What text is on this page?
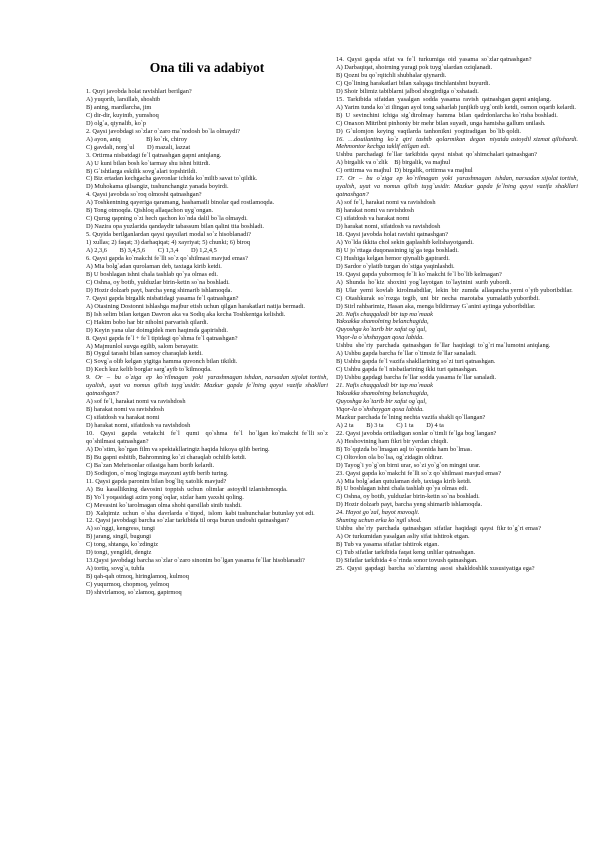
Ona tili va adabiyot
1. Quyi javobda holat ravishlari berilgan?
A) yuqorib, larsillab, shoshib
B) aning, mardlarcha, jim
C) dir-dir, kuyinib, yumshoq
D) olg`a, qiynalib, ko`p
2. Qaysi javobdagi so`zlar o`zaro ma`nodosh bo`la olmaydi?
A) ayon, aniq                B) ko`rk, chiroy
C) gavdali, norg`ul        D) mazali, lazzat
3. Ortirma nisbatdagi fe`l qatnashgan gapni aniqlang.
A) U kuni bilan bosh ko`tarmay shu ishni bitirdi.
B) G`ishtlarga eskilik sovg`alari topshirildi.
C) Biz ertadan kechgacha gavronlar ichida ko`milib savat to`qildik.
D) Muhokama qilsangiz, tushunchangiz yanada boyirdi.
4. Qaysi javobda so`roq olmoshi qatnashgan?
A) Toshkentning qayeriga qaramang, hashamatli binolar qad rostlamoqda.
B) Tong otmoqda. Qishloq allaqachon uyg`ongan.
C) Qurug qapning o`zi hech qachon ko`nda dalil bo`la olmaydi.
D) Nazira opa yuzlarida qandaydir tabassum bilan qalini tita boshladi.
5. Quyida berilganlardan qaysi qaysilari modal so`z hisoblanadi?
1) xullas; 2) faqat; 3) darhaqiqat; 4) xayriyat; 5) chunki; 6) biroq
A) 2,3,6        B) 3,4,5,6        C) 1,3,4        D) 1,2,4,5
6. Qaysi gapda ko`makchi fe`lli so`z qo`shilmasi mavjud emas?
A) Mia bolg`adan qurolaman deb, taxtaga kirib ketdi.
B) U boshlagan ishni chala tashlab qo`ya olmas edi.
C) Oshna, oy botib, yulduzlar birin-ketin so`na boshladi.
D) Hozir dolzarb payt, barcha yeng shimarib ishlamoqda.
7. Qaysi gapda birgalik nisbatidagi yasama fe`l qatnashgan?
A) Otasining Dostonni ishlashga majbur etish uchun qilgan harakatlari natija bermadi.
B) Ish selim bilan ketgan Davron aka va Sodiq aka kecha Toshkentga kelishdi.
C) Hakim bobo har bir niholni parvarish qilardi.
D) Keyin yana ular doimgidek men haqimda gapirishdi.
8. Qaysi gapda fe`l + fe`l tipidagi qo`shma fe`l qatnashgan?
A) Majmunlol suvga egilib, salom berayatir.
B) Oygul tarashi bilan samoy charaqlab ketdi.
C) Sovg`a olib kelgan yigitga hamma quvonch bilan tikildi.
D) Kech kuz kelib borglar sarg`ayib to`kilmoqda.
9.  Or  –  bu  o`ziga  ep  ko`rilmagan  yoki  yarashmagan ishdan, narsadan xijolat tortish, uyalish, uyat va nomus qilish tuyg`usidir. Mazkur gapda fe`lning qaysi vazifa shakllari qatnashgan?
A) sof fe`l, harakat nomi va ravishdosh
B) harakat nomi va ravishdosh
C) sifatdosh va harakat nomi
D) harakat nomi, sifatdosh va ravishdosh
10.  Qaysi  gapda  vetakchi  fe`l  qumi  qo`shma  fe`l  ho`lgan ko`makchi fe`lli so`z qo`shilmasi qatnashgan?
A) Do`stim, ko`rgan film va spektakllaringiz haqida hikoya qilib bering.
B) Bu gapni eshitib, Bahromning ko`zi charaqlab ochilib ketdi.
C) Ba`zan Mehrisonlar oilasiga ham borib kelardi.
D) Sodiqjon, o`mog`ingizga mayzuni aytib berib turing.
11. Qaysi gapda paronim bilan bog`liq xatolik mavjud?
A)  Bu  kasallikning  davosini  toppish  uchun  olimlar  astoydil izlanishmoqda.
B) Yo`l yoqasidagi azim yong`oqlar, sizlar ham yaxshi qoling.
C) Mevasini ko`tarolmagan olma shohi qarsillab sinib tushdi.
D)  Xalqimiz  uchun  o`sha  davrlarda  e`tiqod,  islom  kabi tushunchalar butunlay yot edi.
12. Qaysi javobdagi barcha so`zlar tarkibida til orqa burun undoshi qatnashgan?
A) so`nggi, kengress, tungi
B) jarang, singil, bugungi
C) tong, shtanga, ko`zdingiz
D) tongi, yengildi, dengiz
13.Qaysi javobdagi barcha so`zlar o`zaro sinonim bo`lgan yasama fe`llar hisoblanadi?
A) tortiq, sovg`a, tuhfa
B) qah-qah otmoq, hiringlamoq, kulmoq
C) yuqurmoq, chopmoq, yelmoq
D) shivirlamoq, so`zlamoq, gapirmoq
14.  Qaysi  gapda  sifat  va  fe`l  turkumiga  oid  yasama  so`zlar qatnashgan?
A) Darbaqiqat, shoirning yuragi pok tuyg`ulardan oziqlanadi.
B) Qozni bu qo`rqitchli shubhalar qiynardi.
C) Qo`lining harakatlari bilan xalqaga tinchlanishni buyurdi.
D) Shoir bilimiz tabiblarni jalbod shogirdiga o`xshatadi.
15.  Tarkibida  sifatdan  yasalgan  sodda  yasama  ravish  qatnashgan gapni aniqlang.
A) Yarim tunda ko`zi ilingan ayol tong saharlab junjikib uyg`onib ketdi, osmon oqarib kelardi.
B)  U  sevinchini  ichiga  sig`dirolmay  hamma  bilan  qadrdonlarcha ko`risha boshladi.
C) Onaxon Mitribni pinhoniy bir mehr bilan suyadi, unga hamisha gallum unilash.
D)  G`ulomjon  keying  vaqtlarda  tanhonikni  yoqtiradigan  bo`lib qoldi.
16.  …douilanting  ko`z  qiri  tashib  qolarmikan  degan  niyatda astoydil xizmat qilishardi. Mehmontor kechga taklif etilgan edi.
Ushbu  parchadagi  fe`llar  tarkibida  qaysi  nisbat  qo`shimchalari qatnashgan?
A) birgalik va o`zlik    B) birgalik, va majhul
C) orttirma va majhul  D) birgalik, orttirma va majhul
17.  Or  –  bu  o`ziga  ep  ko`rilmagan  yoki  yarashmagan  ishdan, narsadan xijolat tortish, uyalish, uyat va nomus qilish tuyg`usidir. Mazkur gapda fe`lning qaysi vazifa shakllari qatnashgan?
A) sof fe`l, harakat nomi va ravishdosh
B) harakat nomi va ravishdosh
C) sifatdosh va harakat nomi
D) harakat nomi, sifatdosh va ravishdosh
18. Qaysi javobda holat ravishi qatnashgan?
A) Yo`lda ikkita chol sekin gaplashib kelishayotgandi.
B) U jo`rttaga duqonasining ig`ga tega boshladi.
C) Hushiga kelgan hemor qiynalib gapirardi.
D) Sardor o`ylatib turgan do`stiga yaqinlashdi.
19. Qaysi gapda yubormoq fe`li ko`makchi fe`l bo`lib kelmagan?
A)  Shunda  ho`kiz  shoxini  yog`layotgan  to`layinini  surib yubordi.
B)  Ular  yerni  kovlab  kirolmabdilar,  lekin  bir  zumda  allaqancha yerni o`yib yuboribdilar.
C)  Otashkurak  so`rozga  tegib,  uni  bir  necha  marotaba  yumalatib yuboribdi.
D) Siirl rahbarimiz, Hasan aka, menga bildirmay G`anini ayiinga yuboribdilar.
20. Nafis chaqqaladi bir tup ma`maak
Yakxakka shamolning belanchagida,
Quyoshga ko`tarib bir xafut og`qul,
Viqor-la o`shshaygan qoxa labida.
Ushbu  she`riy  parchada  qatnashgan  fe`llar  haqidagi  to`g`ri ma`lumotni aniqlang.
A) Ushbu gapda barcha fe`llar o`timsiz fe`llar sanaladi.
B) Ushbu gapda fe`l vazifa shakllarining so`zi turi qatnashgan.
C) Ushbu gapda fe`l nisbatlarining ikki turi qatnashgan.
D) Ushbu gapdagi barcha fe`llar sodda yasama fe`llar sanaladi.
21. Nafis chaqqaladi bir tup ma`maak
Yakxakka shamolning belanchagida,
Quyoshga ko`tarib bir xafut og`qul,
Viqor-la o`shshaygan qoxa labida.
Mazkur parchada fe`lning nechta vazifa shakli qo`llangan?
A) 2 ta        B) 3 ta        C) 1 ta        D) 4 ta
22. Qaysi javobda ortiladigan sonlar o`timli fe`lga bog`langan?
A) Heshovining ham fikri bir yerdan chiqdi.
B) To`qqizda bo`lmagan aql to`qsonida ham bo`lmas.
C) Oltovlon ola bo`lsa, og`zidagin oldirar.
D) Tayog`i yo`g`on birni urar, so`zi yo`g`on mingni urar.
23. Qaysi gapda ko`makchi fe`lli so`z qo`shilmasi mavjud emas?
A) Mia bolg`adan qutulaman deb, taxtaga kirib ketdi.
B) U boshlagan ishni chala tashlab qo`ya olmas edi.
C) Oshna, oy botib, yulduzlar birin-ketin so`na boshladi.
D) Hozir dolzarb payt, barcha yeng shimarib ishlamoqda.
24. Hayot go`zal, hayot mavoqli.
Shuning uchun erka ko`ngil shod.
Ushbu  she`riy  parchada  qatnashgan  sifatlar  haqidagi  qaysi  fikr to`g`ri emas?
A) Or turkumidan yasalgan asliy sifat ishtirok etgan.
B) Tub va yasama sifatlar ishtirok etgan.
C) Tub sifatlar tarkibida faqat keng unlilar qatnashgan.
D) Sifatlar tarkibida 4 o`rinda sonor tovush qatnashgan.
25.  Qaysi  gapdagi  barcha  so`zlarning  asosi  shakldoshlik xususiyatiga ega?
